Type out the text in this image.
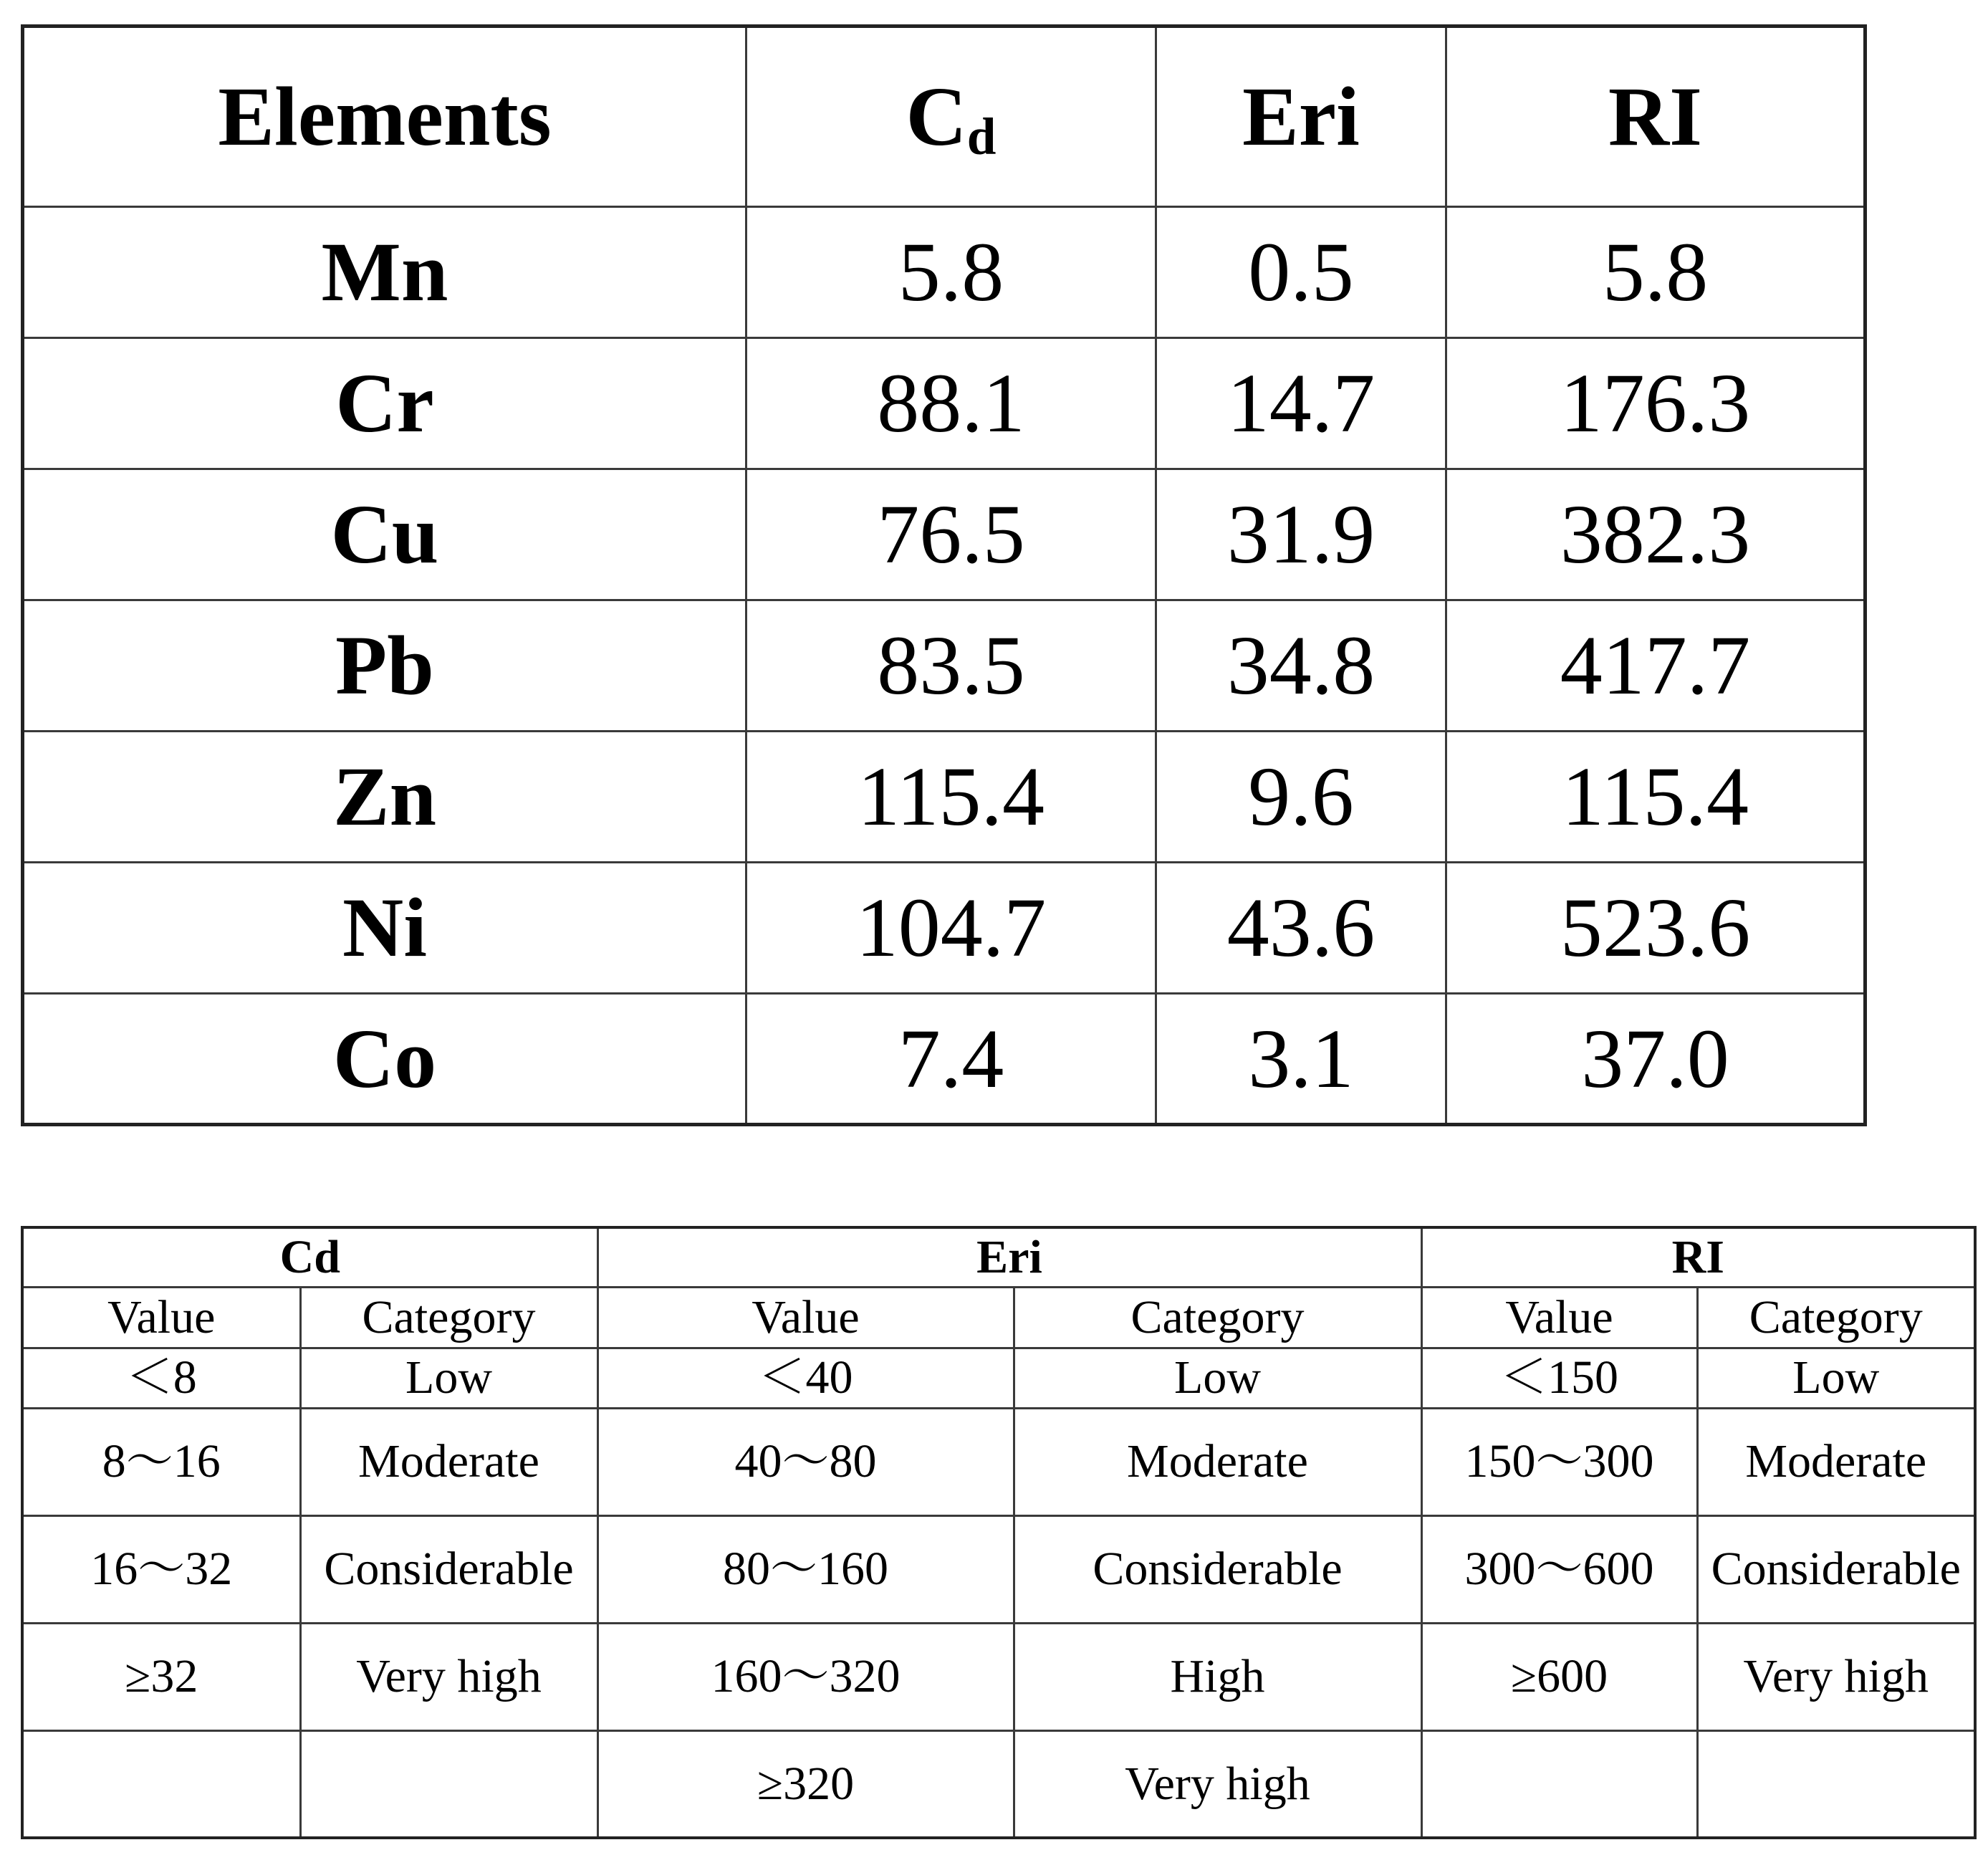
Elements	Cd	Eri	RI
Mn	5.8	0.5	5.8
Cr	88.1	14.7	176.3
Cu	76.5	31.9	382.3
Pb	83.5	34.8	417.7
Zn	115.4	9.6	115.4
Ni	104.7	43.6	523.6
Co	7.4	3.1	37.0
Cd		Eri		RI	
Value	Category	Value	Category	Value	Category
＜8	Low	＜40	Low	＜150	Low
8～16	Moderate	40～80	Moderate	150～300	Moderate
16～32	Considerable	80～160	Considerable	300～600	Considerable
≥32	Very high	160～320	High	≥600	Very high
		≥320	Very high		
